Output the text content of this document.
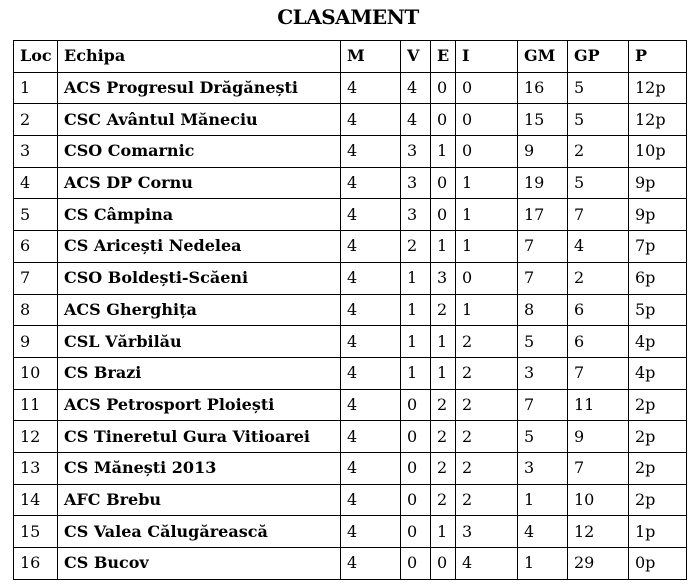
CLASAMENT
Loc	Echipa	M	V	E	I	GM	GP	P
1	ACS Progresul Drăgănești	4	4	0	0	16	5	12p
2	CSC Avântul Măneciu	4	4	0	0	15	5	12p
3	CSO Comarnic	4	3	1	0	9	2	10p
4	ACS DP Cornu	4	3	0	1	19	5	9p
5	CS Câmpina	4	3	0	1	17	7	9p
6	CS Aricești Nedelea	4	2	1	1	7	4	7p
7	CSO Boldești-Scăeni	4	1	3	0	7	2	6p
8	ACS Gherghița	4	1	2	1	8	6	5p
9	CSL Vărbilău	4	1	1	2	5	6	4p
10	CS Brazi	4	1	1	2	3	7	4p
11	ACS Petrosport Ploiești	4	0	2	2	7	11	2p
12	CS Tineretul Gura Vitioarei	4	0	2	2	5	9	2p
13	CS Mănești 2013	4	0	2	2	3	7	2p
14	AFC Brebu	4	0	2	2	1	10	2p
15	CS Valea Călugărească	4	0	1	3	4	12	1p
16	CS Bucov	4	0	0	4	1	29	0p
